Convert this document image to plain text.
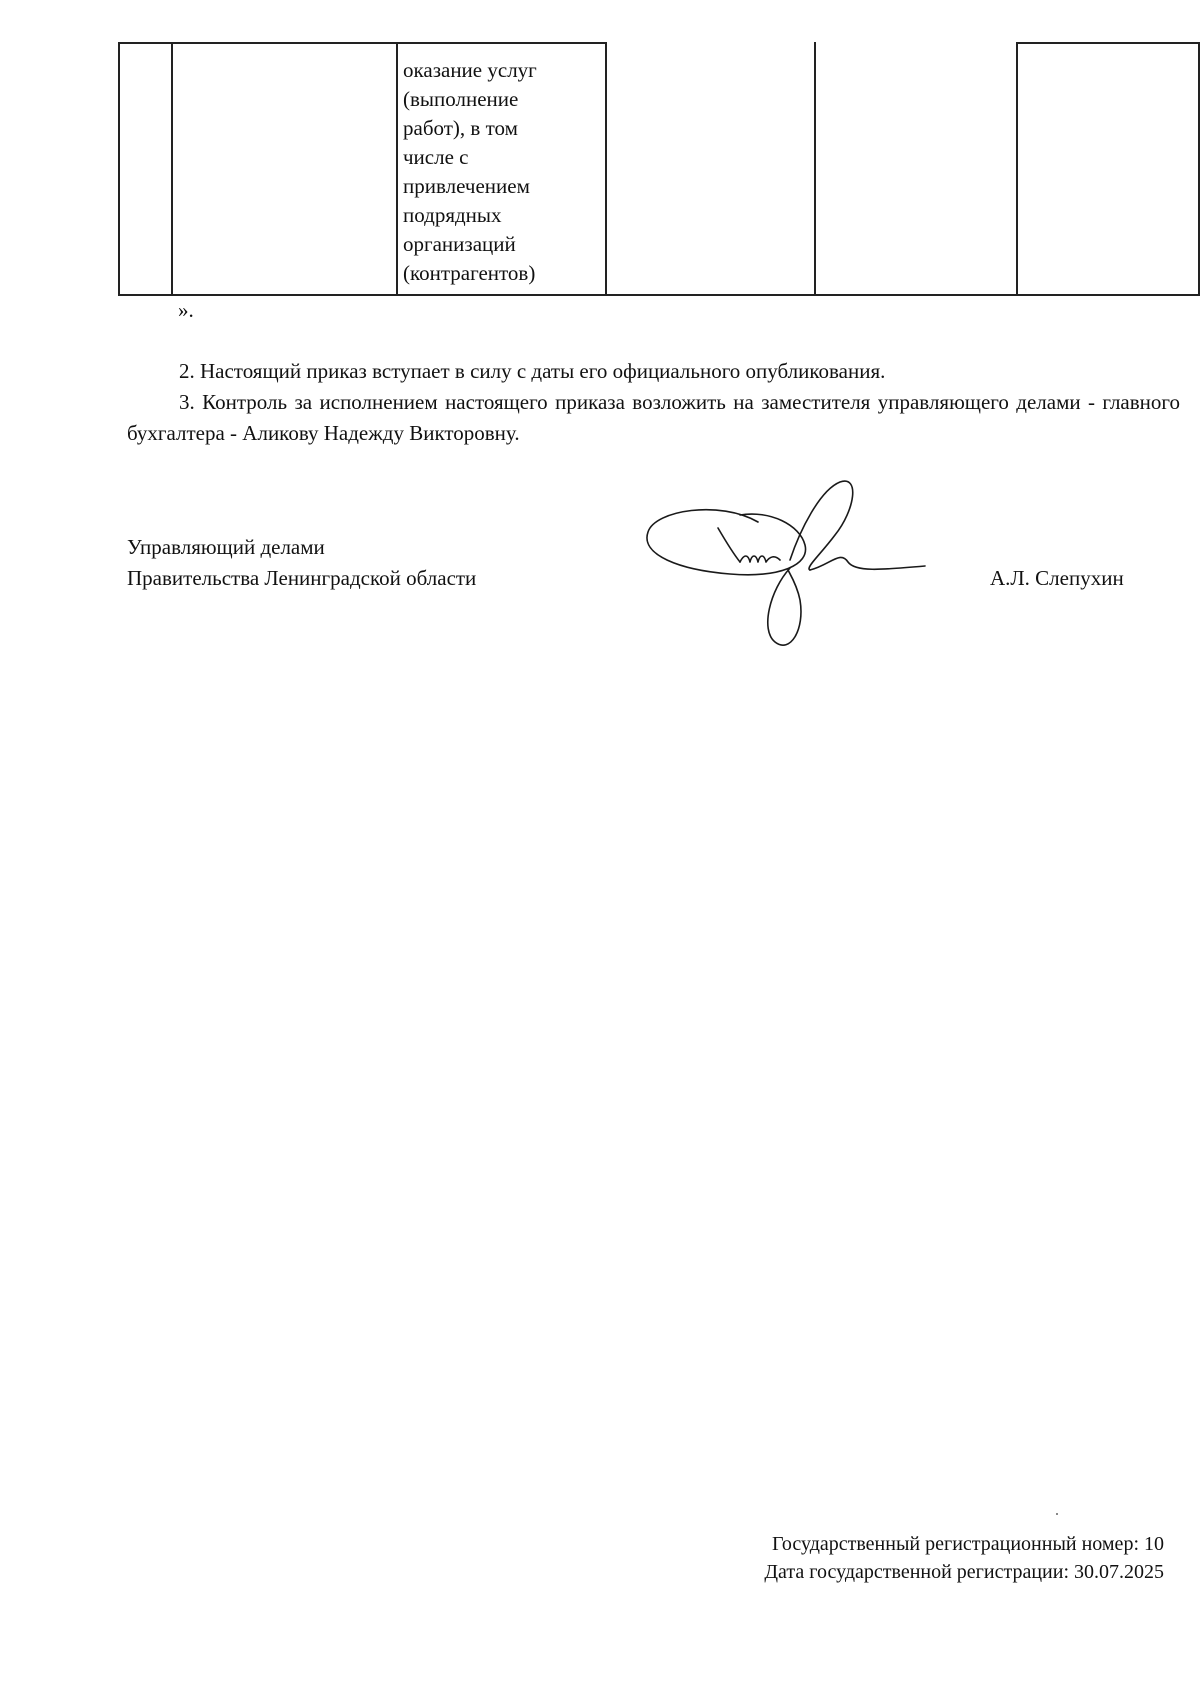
оказание услуг
(выполнение
работ), в том
числе с
привлечением
подрядных
организаций
(контрагентов)
».
2. Настоящий приказ вступает в силу с даты его официального опубликования.
3. Контроль за исполнением настоящего приказа возложить на заместителя управляющего делами - главного бухгалтера - Аликову Надежду Викторовну.
Управляющий делами
Правительства Ленинградской области	А.Л. Слепухин
Государственный регистрационный номер: 10
Дата государственной регистрации: 30.07.2025
